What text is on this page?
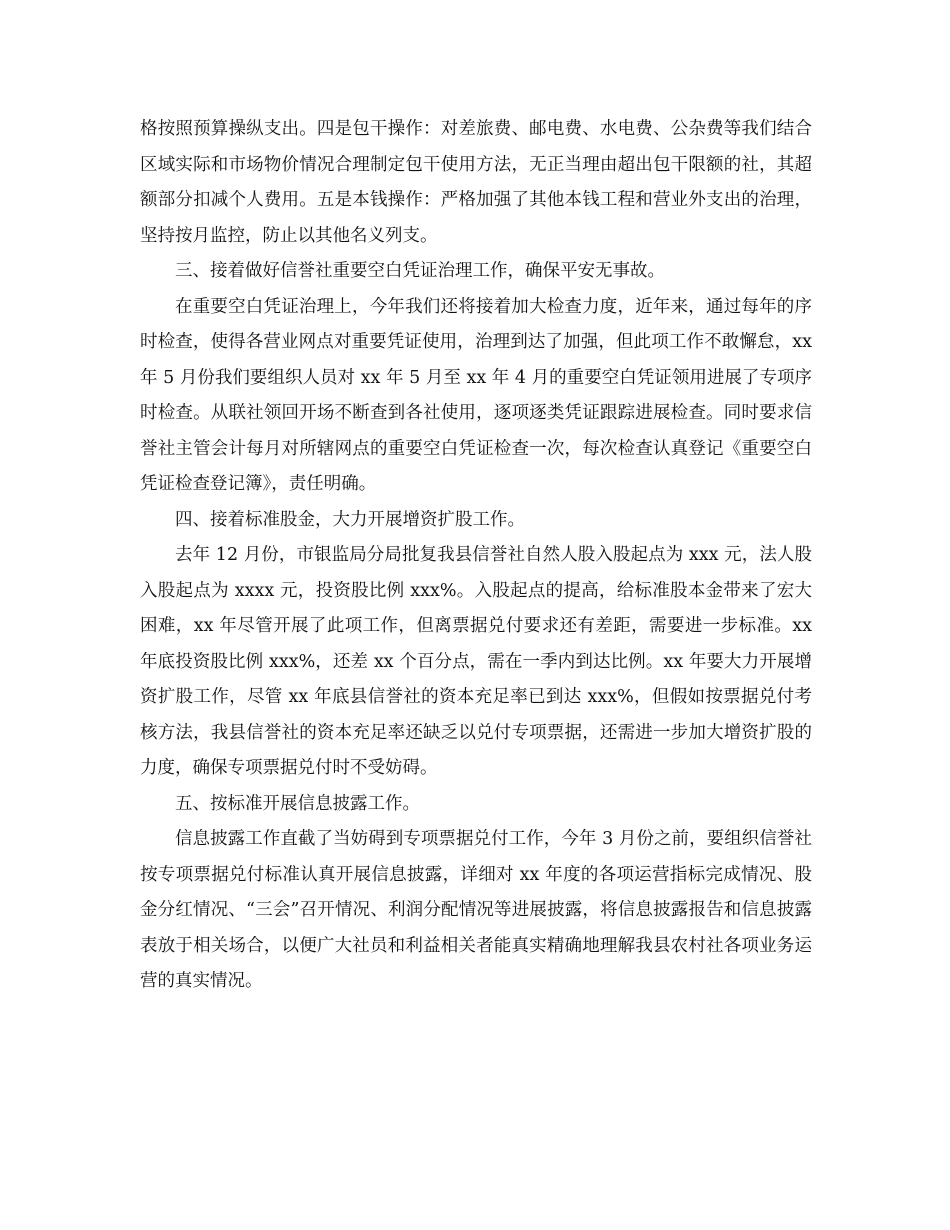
格按照预算操纵支出。四是包干操作：对差旅费、邮电费、水电费、公杂费等我们结合区域实际和市场物价情况合理制定包干使用方法，无正当理由超出包干限额的社，其超额部分扣减个人费用。五是本钱操作：严格加强了其他本钱工程和营业外支出的治理，坚持按月监控，防止以其他名义列支。

三、接着做好信誉社重要空白凭证治理工作，确保平安无事故。

在重要空白凭证治理上，今年我们还将接着加大检查力度，近年来，通过每年的序时检查，使得各营业网点对重要凭证使用，治理到达了加强，但此项工作不敢懈怠，xx 年 5 月份我们要组织人员对 xx 年 5 月至 xx 年 4 月的重要空白凭证领用进展了专项序时检查。从联社领回开场不断查到各社使用，逐项逐类凭证跟踪进展检查。同时要求信誉社主管会计每月对所辖网点的重要空白凭证检查一次，每次检查认真登记《重要空白凭证检查登记簿》，责任明确。

四、接着标准股金，大力开展增资扩股工作。

去年 12 月份，市银监局分局批复我县信誉社自然人股入股起点为 xxx 元，法人股入股起点为 xxxx 元，投资股比例 xxx%。入股起点的提高，给标准股本金带来了宏大困难，xx 年尽管开展了此项工作，但离票据兑付要求还有差距，需要进一步标准。xx 年底投资股比例 xxx%，还差 xx 个百分点，需在一季内到达比例。xx 年要大力开展增资扩股工作，尽管 xx 年底县信誉社的资本充足率已到达 xxx%，但假如按票据兑付考核方法，我县信誉社的资本充足率还缺乏以兑付专项票据，还需进一步加大增资扩股的力度，确保专项票据兑付时不受妨碍。

五、按标准开展信息披露工作。

信息披露工作直截了当妨碍到专项票据兑付工作，今年 3 月份之前，要组织信誉社按专项票据兑付标准认真开展信息披露，详细对 xx 年度的各项运营指标完成情况、股金分红情况、“三会”召开情况、利润分配情况等进展披露，将信息披露报告和信息披露表放于相关场合，以便广大社员和利益相关者能真实精确地理解我县农村社各项业务运营的真实情况。
